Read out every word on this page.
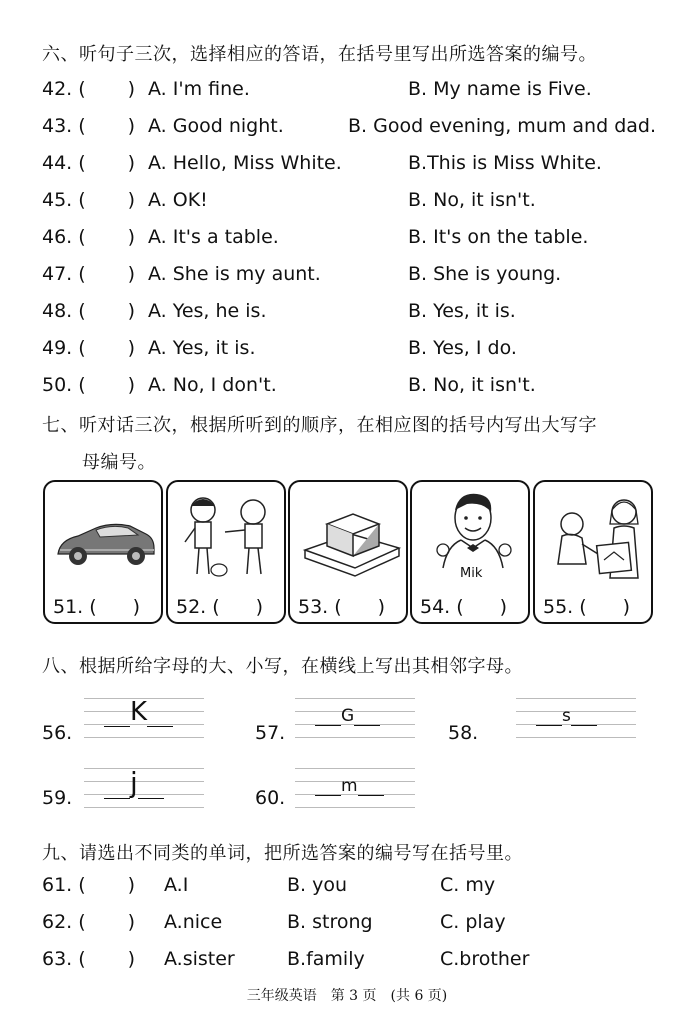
六、听句子三次，选择相应的答语，在括号里写出所选答案的编号。
42. ( ) A. I'm fine.	B. My name is Five.
43. ( ) A. Good night.	B. Good evening, mum and dad.
44. ( ) A. Hello, Miss White.	B.This is Miss White.
45. ( ) A. OK!	B. No, it isn't.
46. ( ) A. It's a table.	B. It's on the table.
47. ( ) A. She is my aunt.	B. She is young.
48. ( ) A. Yes, he is.	B. Yes, it is.
49. ( ) A. Yes, it is.	B. Yes, I do.
50. ( ) A. No, I don't.	B. No, it isn't.
七、听对话三次，根据所听到的顺序，在相应图的括号内写出大写字
母编号。
51. ( ) 52. ( ) 53. ( )
Mik
54. ( ) 55. ( )
八、根据所给字母的大、小写，在横线上写出其相邻字母。
56.
K
57.
G
58.
s
59.	j	60.
m
九、请选出不同类的单词，把所选答案的编号写在括号里。
61. ( ) A.I	B. you	C. my
62. ( ) A.nice	B. strong	C. play
63. ( ) A.sister	B.family	C.brother
三年级英语　第 3 页　(共 6 页)
